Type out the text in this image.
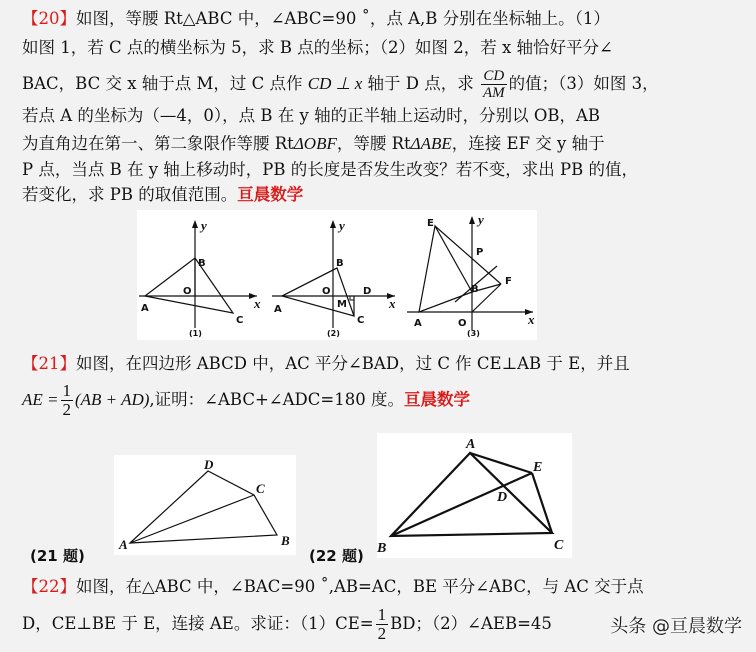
【20】如图，等腰 Rt△ABC 中，∠ABC=90 ˚，点 A,B 分别在坐标轴上。（1）
如图 1，若 C 点的横坐标为 5，求 B 点的坐标；（2）如图 2，若 x 轴恰好平分∠
BAC，BC 交 x 轴于点 M，过 C 点作 CD ⊥ x 轴于 D 点，求 $\frac{CD}{AM}$ 的值；（3）如图 3，
若点 A 的坐标为（—4，0），点 B 在 y 轴的正半轴上运动时，分别以 OB，AB
为直角边在第一、第二象限作等腰 RtΔOBF，等腰 RtΔABE，连接 EF 交 y 轴于
P 点，当点 B 在 y 轴上移动时，PB 的长度是否发生改变？若不变，求出 PB 的值，
若变化，求 PB 的取值范围。亘晨数学
y
x
A
B
C
O
(1)
y
x
A
B
C
O
M
D
(2)
E	y
P
F
B
x
A	O
(3)
【21】如图，在四边形 ABCD 中，AC 平分∠BAD，过 C 作 CE⊥AB 于 E，并且
AE = $\frac{1}{2} (AB + AD)$,证明：∠ABC+∠ADC=180 度。亘晨数学
D
C
A	B
(21 题)
A
E
D
B	C
(22 题)
【22】如图，在△ABC 中，∠BAC=90 ˚,AB=AC，BE 平分∠ABC，与 AC 交于点
D，CE⊥BE 于 E，连接 AE。求证：$(1)CE= \frac{1}{2}$ BD；（2）∠AEB=45	头条 @亘晨数学
